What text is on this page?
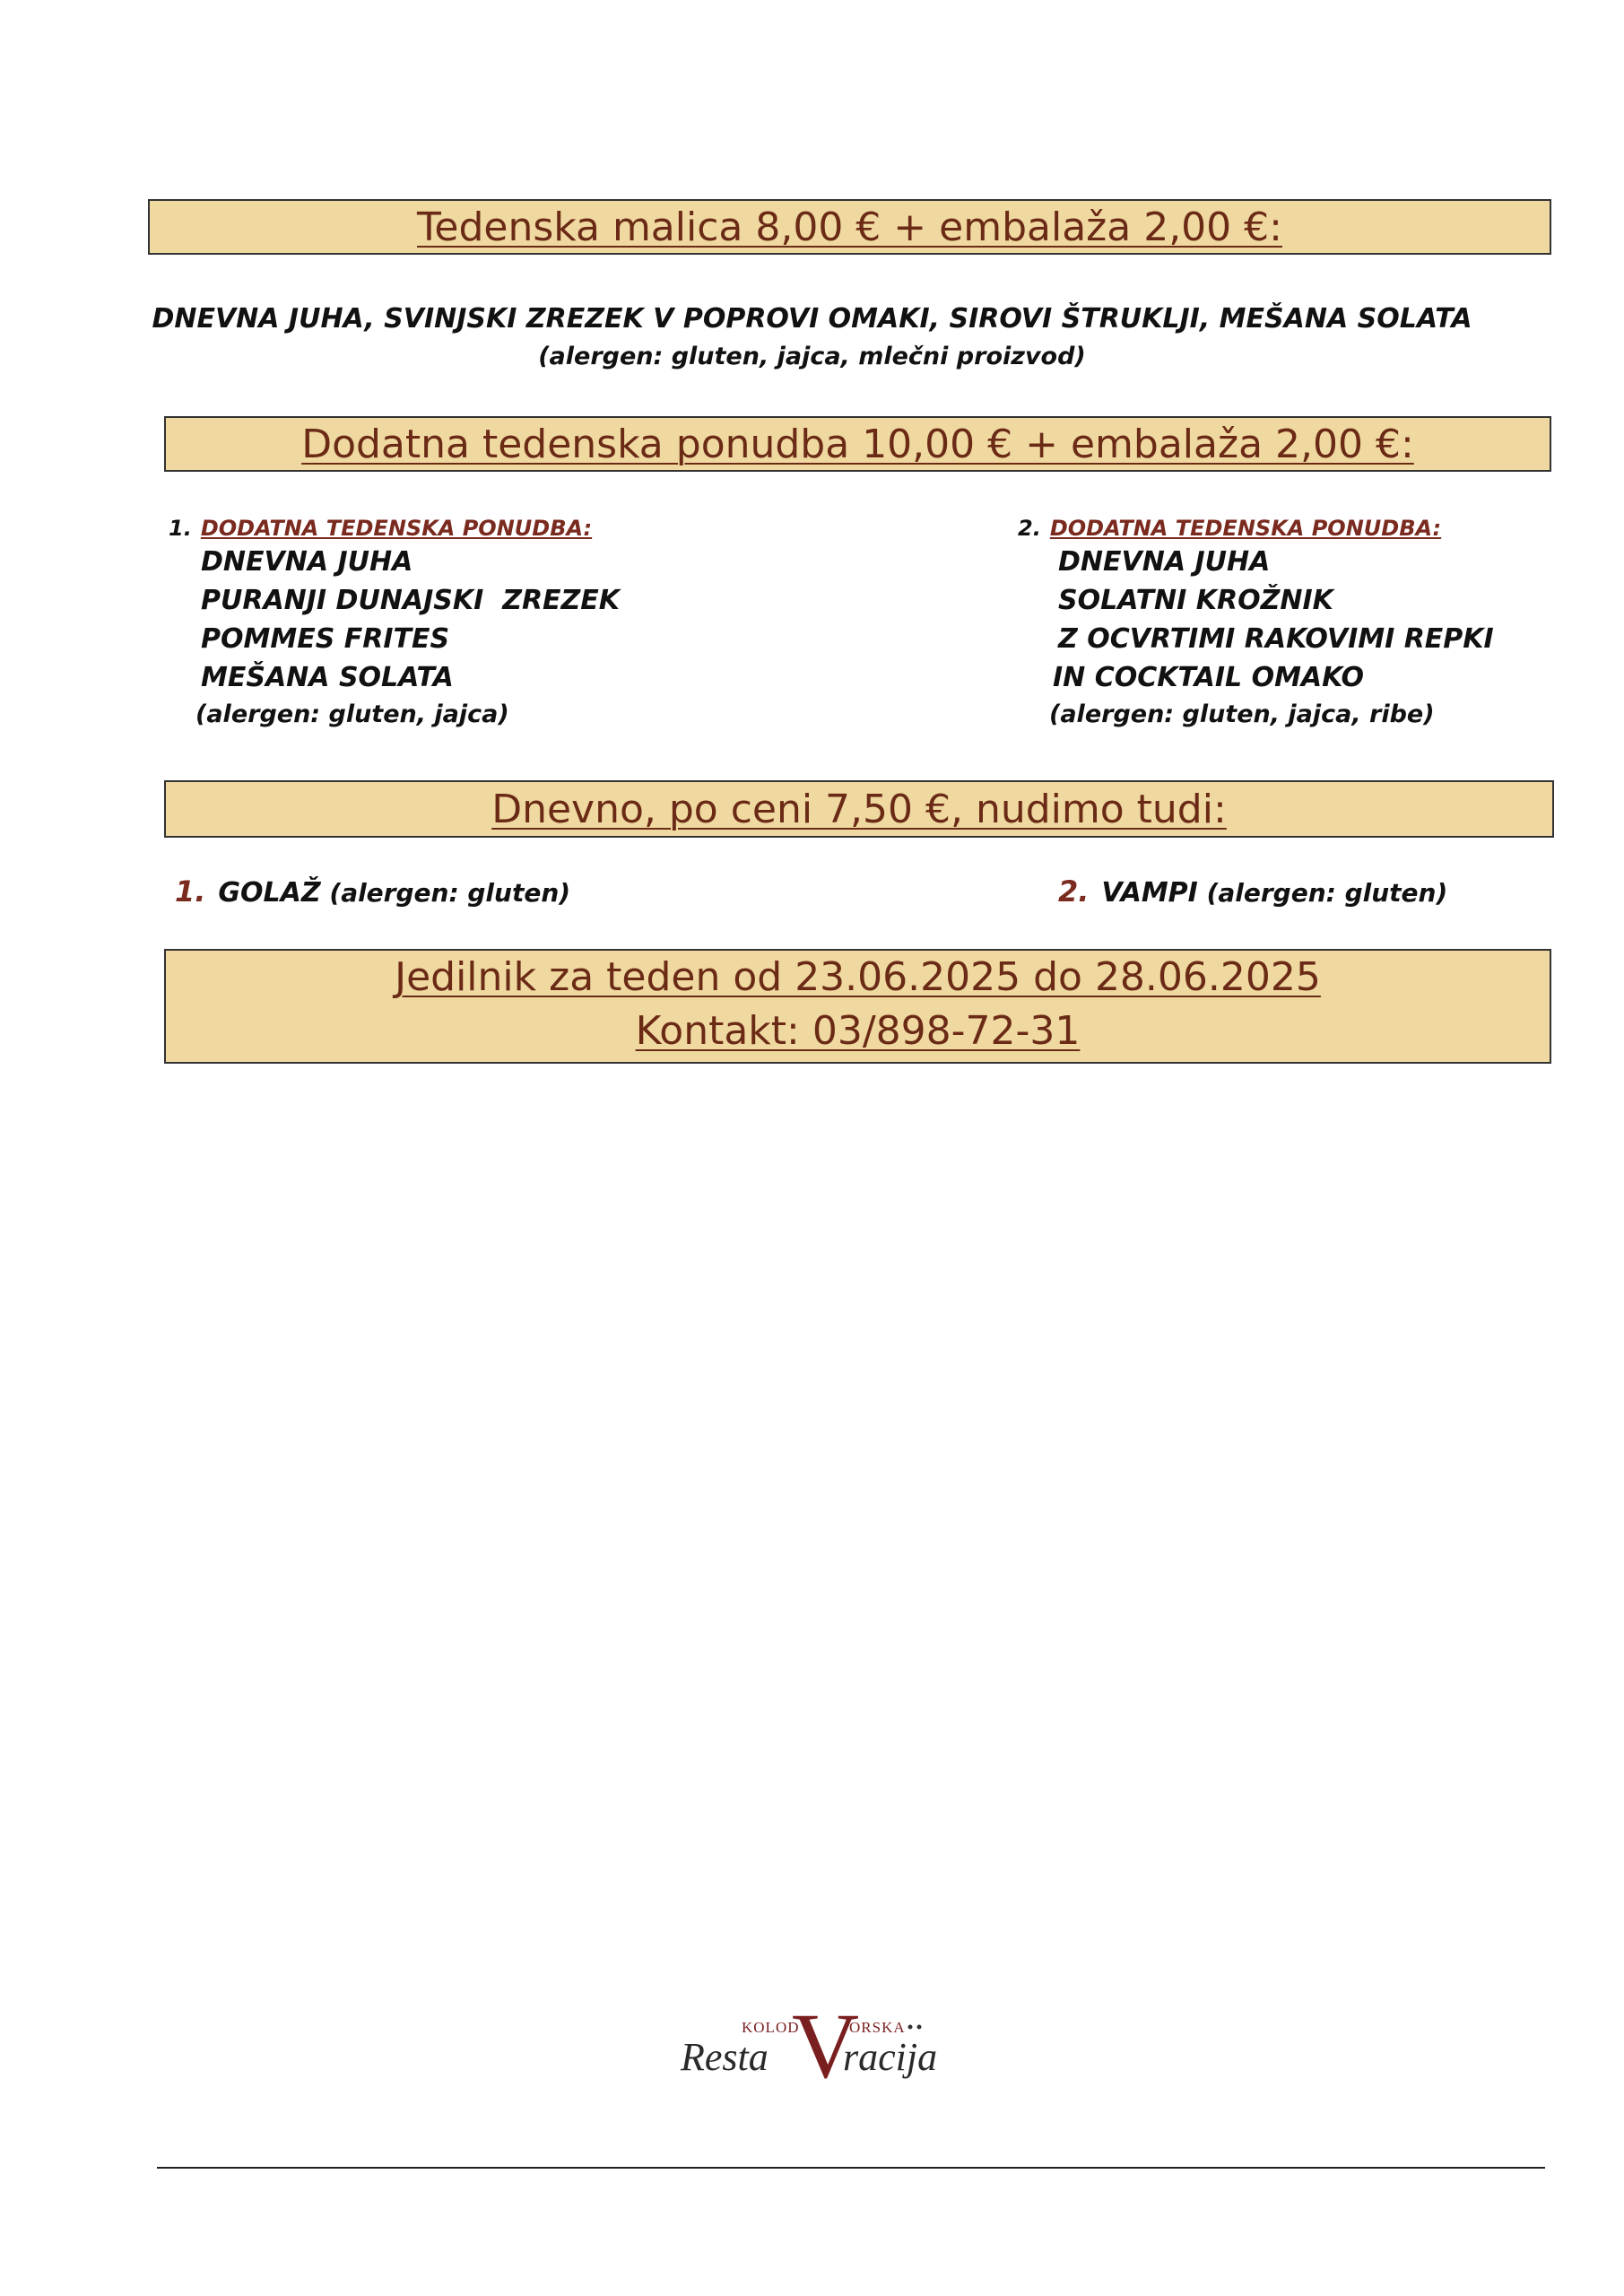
Tedenska malica 8,00 € + embalaža 2,00 €:
DNEVNA JUHA, SVINJSKI ZREZEK V POPROVI OMAKI, SIROVI ŠTRUKLJI, MEŠANA SOLATA
(alergen: gluten, jajca, mlečni proizvod)
Dodatna tedenska ponudba 10,00 € + embalaža 2,00 €:
1. DODATNA TEDENSKA PONUDBA:
DNEVNA JUHA
PURANJI DUNAJSKI  ZREZEK
POMMES FRITES
MEŠANA SOLATA
(alergen: gluten, jajca)
2. DODATNA TEDENSKA PONUDBA:
DNEVNA JUHA
SOLATNI KROŽNIK
Z OCVRTIMI RAKOVIMI REPKI
IN COCKTAIL OMAKO
(alergen: gluten, jajca, ribe)
Dnevno, po ceni 7,50 €, nudimo tudi:
1. GOLAŽ (alergen: gluten)	2. VAMPI (alergen: gluten)
Jedilnik za teden od 23.06.2025 do 28.06.2025
Kontakt: 03/898-72-31
KOLOD
V
ORSKA
Resta racija
